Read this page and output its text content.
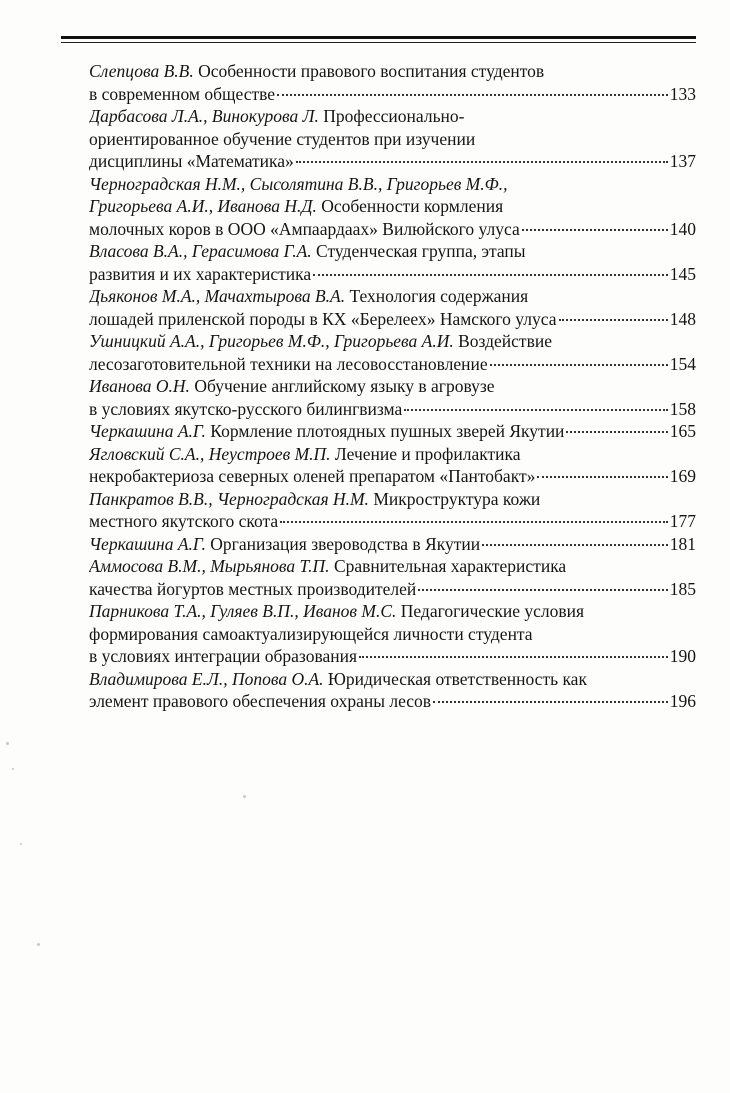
Слепцова В.В. Особенности правового воспитания студентов
в современном обществе	133
Дарбасова Л.А., Винокурова Л. Профессионально-
ориентированное обучение студентов при изучении
дисциплины «Математика»	137
Черноградская Н.М., Сысолятина В.В., Григорьев М.Ф.,
Григорьева А.И., Иванова Н.Д. Особенности кормления
молочных коров в ООО «Ампаардаах» Вилюйского улуса	140
Власова В.А., Герасимова Г.А. Студенческая группа, этапы
развития и их характеристика	145
Дьяконов М.А., Мачахтырова В.А. Технология содержания
лошадей приленской породы в КХ «Берелеех» Намского улуса	148
Ушницкий А.А., Григорьев М.Ф., Григорьева А.И. Воздействие
лесозаготовительной техники на лесовосстановление	154
Иванова О.Н. Обучение английскому языку в агровузе
в условиях якутско-русского билингвизма	158
Черкашина А.Г. Кормление плотоядных пушных зверей Якутии	165
Ягловский С.А., Неустроев М.П. Лечение и профилактика
некробактериоза северных оленей препаратом «Пантобакт»	169
Панкратов В.В., Черноградская Н.М. Микроструктура кожи
местного якутского скота	177
Черкашина А.Г. Организация звероводства в Якутии	181
Аммосова В.М., Мырьянова Т.П. Сравнительная характеристика
качества йогуртов местных производителей	185
Парникова Т.А., Гуляев В.П., Иванов М.С. Педагогические условия
формирования самоактуализирующейся личности студента
в условиях интеграции образования	190
Владимирова Е.Л., Попова О.А. Юридическая ответственность как
элемент правового обеспечения охраны лесов	196
